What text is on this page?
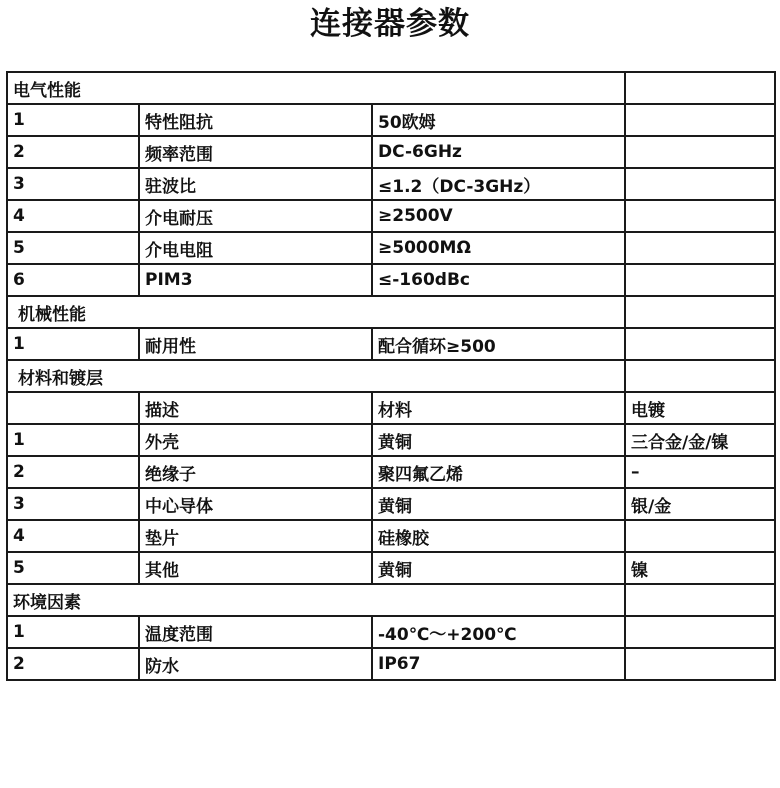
连接器参数
电气性能			
1	特性阻抗	50欧姆	
2	频率范围	DC-6GHz	
3	驻波比	≤1.2（DC-3GHz）	
4	介电耐压	≥2500V	
5	介电电阻	≥5000MΩ	
6	PIM3	≤-160dBc	
机械性能			
1	耐用性	配合循环≥500	
材料和镀层			
	描述	材料	电镀
1	外壳	黄铜	三合金/金/镍
2	绝缘子	聚四氟乙烯	–
3	中心导体	黄铜	银/金
4	垫片	硅橡胶	
5	其他	黄铜	镍
环境因素			
1	温度范围	-40℃～+200℃	
2	防水	IP67	
